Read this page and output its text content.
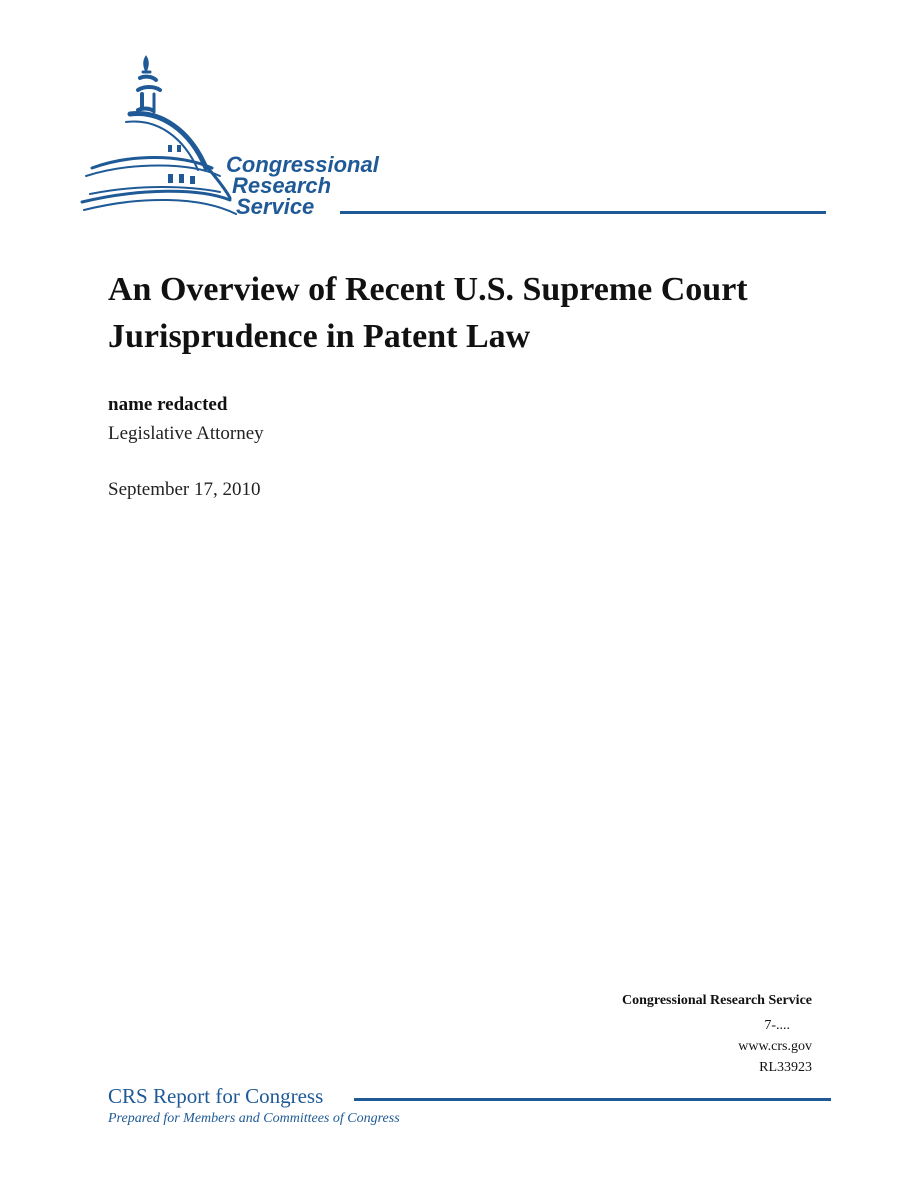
Congressional
Research
Service
An Overview of Recent U.S. Supreme Court Jurisprudence in Patent Law
name redacted
Legislative Attorney
September 17, 2010
Congressional Research Service
7-....
www.crs.gov
RL33923
CRS Report for Congress
Prepared for Members and Committees of Congress
